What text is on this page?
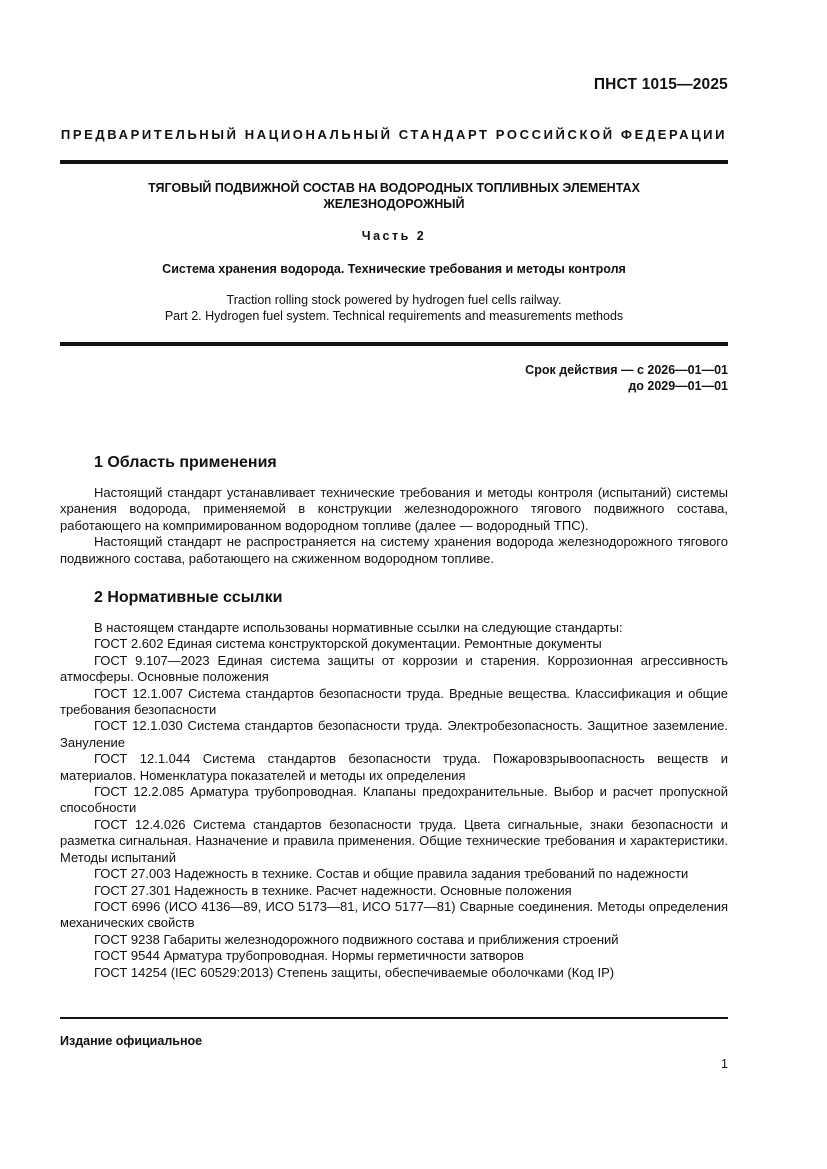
ПНСТ 1015—2025
ПРЕДВАРИТЕЛЬНЫЙ НАЦИОНАЛЬНЫЙ СТАНДАРТ РОССИЙСКОЙ ФЕДЕРАЦИИ
ТЯГОВЫЙ ПОДВИЖНОЙ СОСТАВ НА ВОДОРОДНЫХ ТОПЛИВНЫХ ЭЛЕМЕНТАХ
ЖЕЛЕЗНОДОРОЖНЫЙ
Часть 2
Система хранения водорода. Технические требования и методы контроля
Traction rolling stock powered by hydrogen fuel cells railway.
Part 2. Hydrogen fuel system. Technical requirements and measurements methods
Срок действия — с 2026—01—01
до 2029—01—01
1 Область применения

Настоящий стандарт устанавливает технические требования и методы контроля (испытаний) системы хранения водорода, применяемой в конструкции железнодорожного тягового подвижного состава, работающего на компримированном водородном топливе (далее — водородный ТПС).

Настоящий стандарт не распространяется на систему хранения водорода железнодорожного тягового подвижного состава, работающего на сжиженном водородном топливе.

2 Нормативные ссылки

В настоящем стандарте использованы нормативные ссылки на следующие стандарты:

ГОСТ 2.602 Единая система конструкторской документации. Ремонтные документы

ГОСТ 9.107—2023 Единая система защиты от коррозии и старения. Коррозионная агрессивность атмосферы. Основные положения

ГОСТ 12.1.007 Система стандартов безопасности труда. Вредные вещества. Классификация и общие требования безопасности

ГОСТ 12.1.030 Система стандартов безопасности труда. Электробезопасность. Защитное заземление. Зануление

ГОСТ 12.1.044 Система стандартов безопасности труда. Пожаровзрывоопасность веществ и материалов. Номенклатура показателей и методы их определения

ГОСТ 12.2.085 Арматура трубопроводная. Клапаны предохранительные. Выбор и расчет пропускной способности

ГОСТ 12.4.026 Система стандартов безопасности труда. Цвета сигнальные, знаки безопасности и разметка сигнальная. Назначение и правила применения. Общие технические требования и характеристики. Методы испытаний

ГОСТ 27.003 Надежность в технике. Состав и общие правила задания требований по надежности

ГОСТ 27.301 Надежность в технике. Расчет надежности. Основные положения

ГОСТ 6996 (ИСО 4136—89, ИСО 5173—81, ИСО 5177—81) Сварные соединения. Методы определения механических свойств

ГОСТ 9238 Габариты железнодорожного подвижного состава и приближения строений

ГОСТ 9544 Арматура трубопроводная. Нормы герметичности затворов

ГОСТ 14254 (IEC 60529:2013) Степень защиты, обеспечиваемые оболочками (Код IP)

Издание официальное
1
